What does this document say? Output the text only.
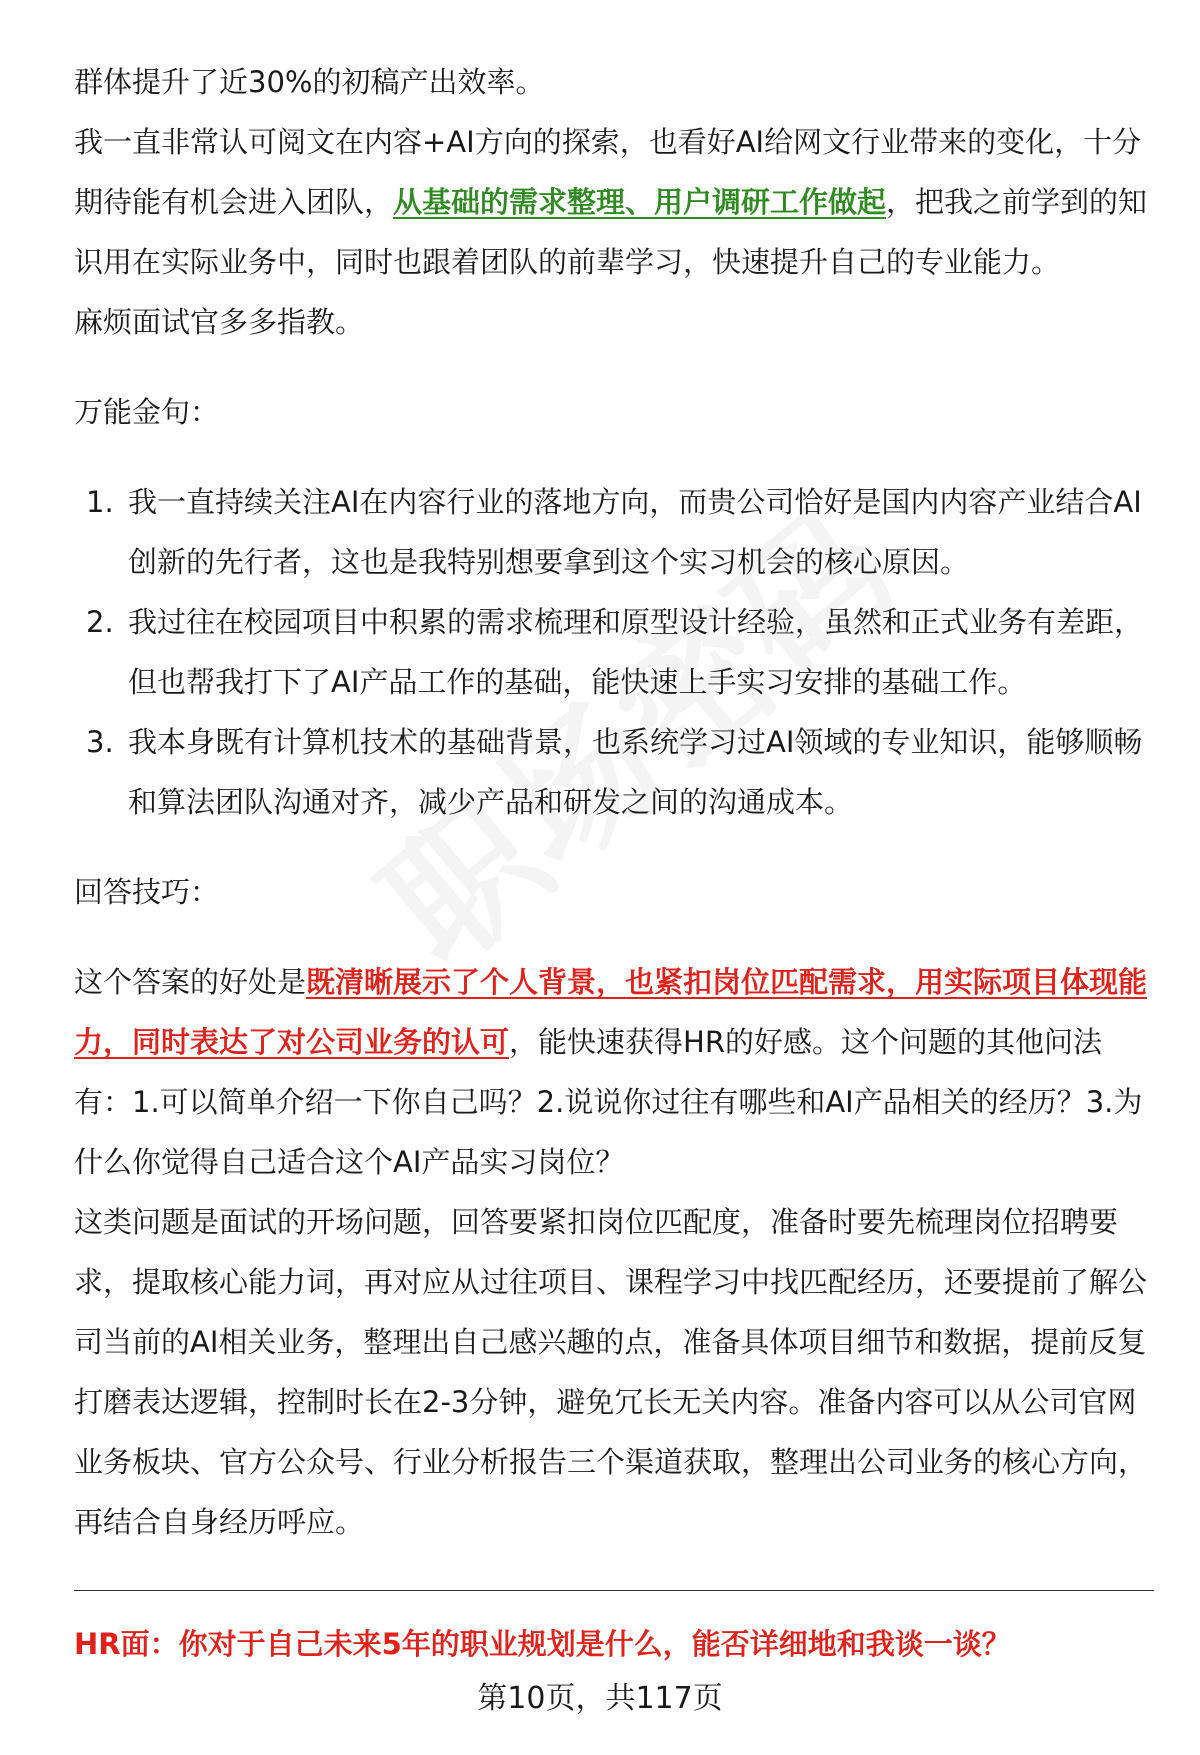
群体提升了近30%的初稿产出效率。

我一直非常认可阅文在内容+AI方向的探索，也看好AI给网文行业带来的变化，十分期待能有机会进入团队，从基础的需求整理、用户调研工作做起，把我之前学到的知识用在实际业务中，同时也跟着团队的前辈学习，快速提升自己的专业能力。

麻烦面试官多多指教。

万能金句：

1. 我一直持续关注AI在内容行业的落地方向，而贵公司恰好是国内内容产业结合AI创新的先行者，这也是我特别想要拿到这个实习机会的核心原因。
2. 我过往在校园项目中积累的需求梳理和原型设计经验，虽然和正式业务有差距，但也帮我打下了AI产品工作的基础，能快速上手实习安排的基础工作。
3. 我本身既有计算机技术的基础背景，也系统学习过AI领域的专业知识，能够顺畅和算法团队沟通对齐，减少产品和研发之间的沟通成本。

回答技巧：

这个答案的好处是既清晰展示了个人背景，也紧扣岗位匹配需求，用实际项目体现能力，同时表达了对公司业务的认可，能快速获得HR的好感。这个问题的其他问法有：1.可以简单介绍一下你自己吗？2.说说你过往有哪些和AI产品相关的经历？3.为什么你觉得自己适合这个AI产品实习岗位？

这类问题是面试的开场问题，回答要紧扣岗位匹配度，准备时要先梳理岗位招聘要求，提取核心能力词，再对应从过往项目、课程学习中找匹配经历，还要提前了解公司当前的AI相关业务，整理出自己感兴趣的点，准备具体项目细节和数据，提前反复打磨表达逻辑，控制时长在2-3分钟，避免冗长无关内容。准备内容可以从公司官网业务板块、官方公众号、行业分析报告三个渠道获取，整理出公司业务的核心方向，再结合自身经历呼应。

HR面：你对于自己未来5年的职业规划是什么，能否详细地和我谈一谈？
第10页，共117页
